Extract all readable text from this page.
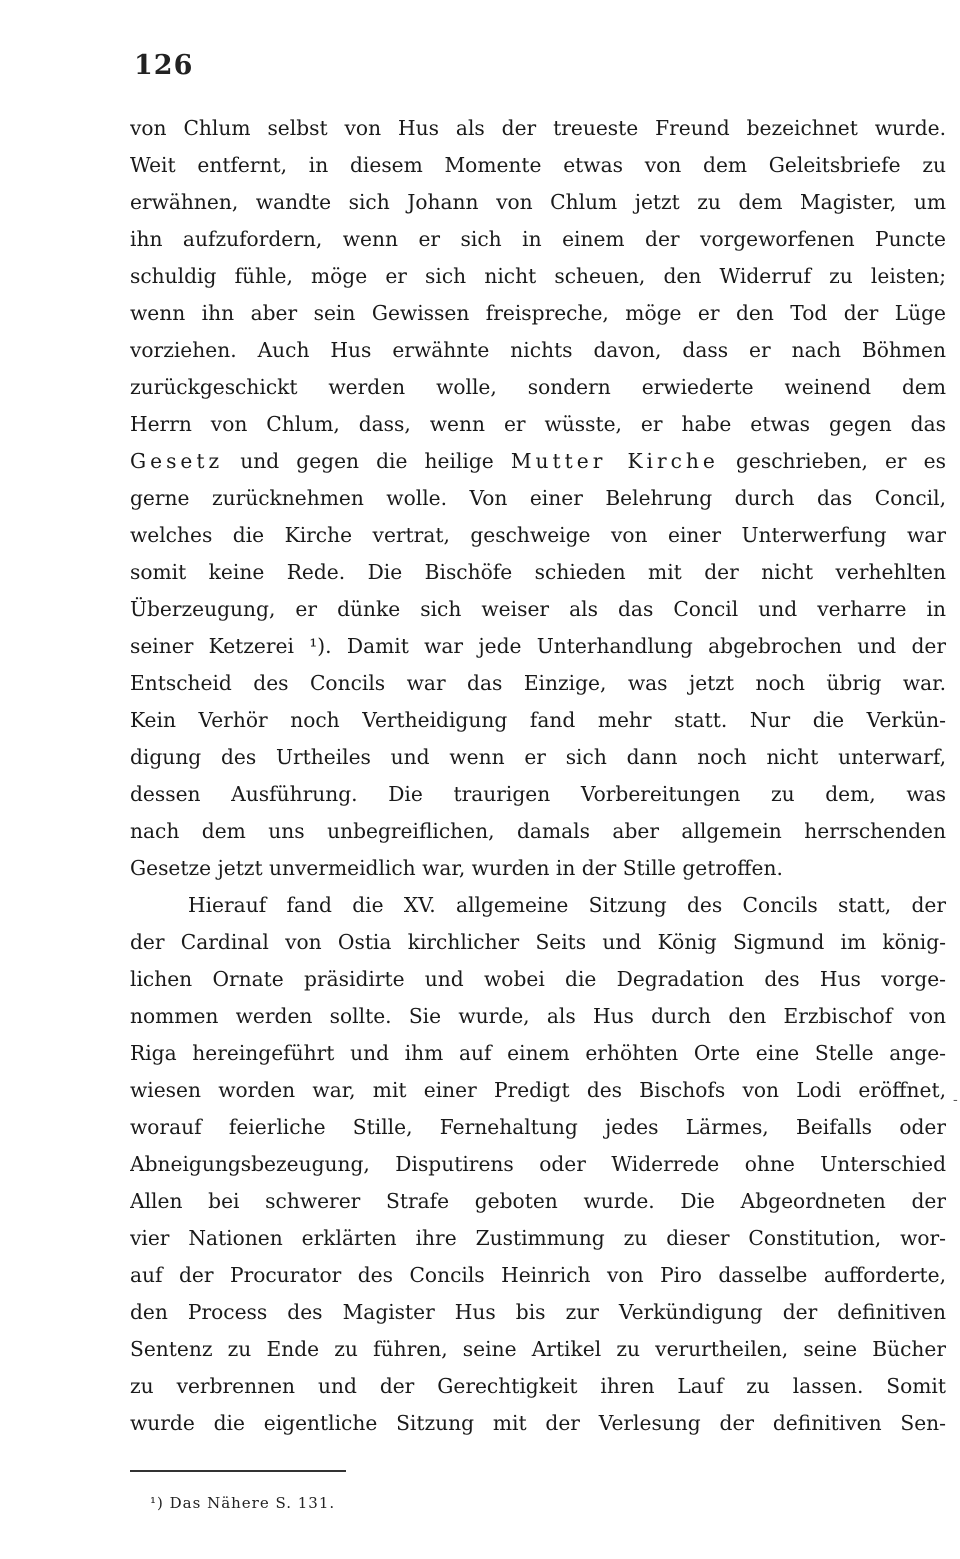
126
-
von Chlum selbst von Hus als der treueste Freund bezeichnet wurde.
Weit entfernt, in diesem Momente etwas von dem Geleitsbriefe zu
erwähnen, wandte sich Johann von Chlum jetzt zu dem Magister, um
ihn aufzufordern, wenn er sich in einem der vorgeworfenen Puncte
schuldig fühle, möge er sich nicht scheuen, den Widerruf zu leisten;
wenn ihn aber sein Gewissen freispreche, möge er den Tod der Lüge
vorziehen. Auch Hus erwähnte nichts davon, dass er nach Böhmen
zurückgeschickt werden wolle, sondern erwiederte weinend dem
Herrn von Chlum, dass, wenn er wüsste, er habe etwas gegen das
Gesetz und gegen die heilige Mutter Kirche geschrieben, er es
gerne zurücknehmen wolle. Von einer Belehrung durch das Concil,
welches die Kirche vertrat, geschweige von einer Unterwerfung war
somit keine Rede. Die Bischöfe schieden mit der nicht verhehlten
Überzeugung, er dünke sich weiser als das Concil und verharre in
seiner Ketzerei ¹). Damit war jede Unterhandlung abgebrochen und der
Entscheid des Concils war das Einzige, was jetzt noch übrig war.
Kein Verhör noch Vertheidigung fand mehr statt. Nur die Verkün-
digung des Urtheiles und wenn er sich dann noch nicht unterwarf,
dessen Ausführung. Die traurigen Vorbereitungen zu dem, was
nach dem uns unbegreiflichen, damals aber allgemein herrschenden
Gesetze jetzt unvermeidlich war, wurden in der Stille getroffen.
Hierauf fand die XV. allgemeine Sitzung des Concils statt, der
der Cardinal von Ostia kirchlicher Seits und König Sigmund im könig-
lichen Ornate präsidirte und wobei die Degradation des Hus vorge-
nommen werden sollte. Sie wurde, als Hus durch den Erzbischof von
Riga hereingeführt und ihm auf einem erhöhten Orte eine Stelle ange-
wiesen worden war, mit einer Predigt des Bischofs von Lodi eröffnet,
worauf feierliche Stille, Fernehaltung jedes Lärmes, Beifalls oder
Abneigungsbezeugung, Disputirens oder Widerrede ohne Unterschied
Allen bei schwerer Strafe geboten wurde. Die Abgeordneten der
vier Nationen erklärten ihre Zustimmung zu dieser Constitution, wor-
auf der Procurator des Concils Heinrich von Piro dasselbe aufforderte,
den Process des Magister Hus bis zur Verkündigung der definitiven
Sentenz zu Ende zu führen, seine Artikel zu verurtheilen, seine Bücher
zu verbrennen und der Gerechtigkeit ihren Lauf zu lassen. Somit
wurde die eigentliche Sitzung mit der Verlesung der definitiven Sen-
¹) Das Nähere S. 131.
